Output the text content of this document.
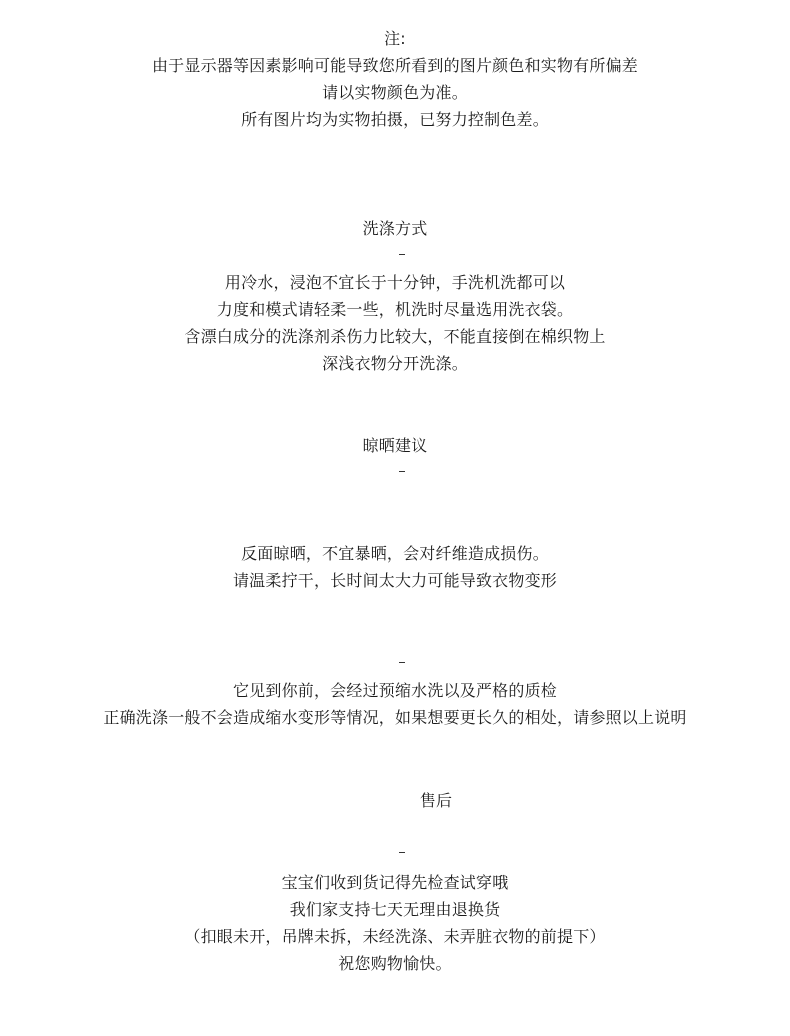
注:
由于显示器等因素影响可能导致您所看到的图片颜色和实物有所偏差
请以实物颜色为准。
所有图片均为实物拍摄，已努力控制色差。
洗涤方式
用冷水，浸泡不宜长于十分钟，手洗机洗都可以
力度和模式请轻柔一些，机洗时尽量选用洗衣袋。
含漂白成分的洗涤剂杀伤力比较大，不能直接倒在棉织物上
深浅衣物分开洗涤。
晾晒建议
反面晾晒，不宜暴晒，会对纤维造成损伤。
请温柔拧干，长时间太大力可能导致衣物变形
它见到你前，会经过预缩水洗以及严格的质检
正确洗涤一般不会造成缩水变形等情况，如果想要更长久的相处，请参照以上说明
售后
宝宝们收到货记得先检查试穿哦
我们家支持七天无理由退换货
（扣眼未开，吊牌未拆，未经洗涤、未弄脏衣物的前提下）
祝您购物愉快。
